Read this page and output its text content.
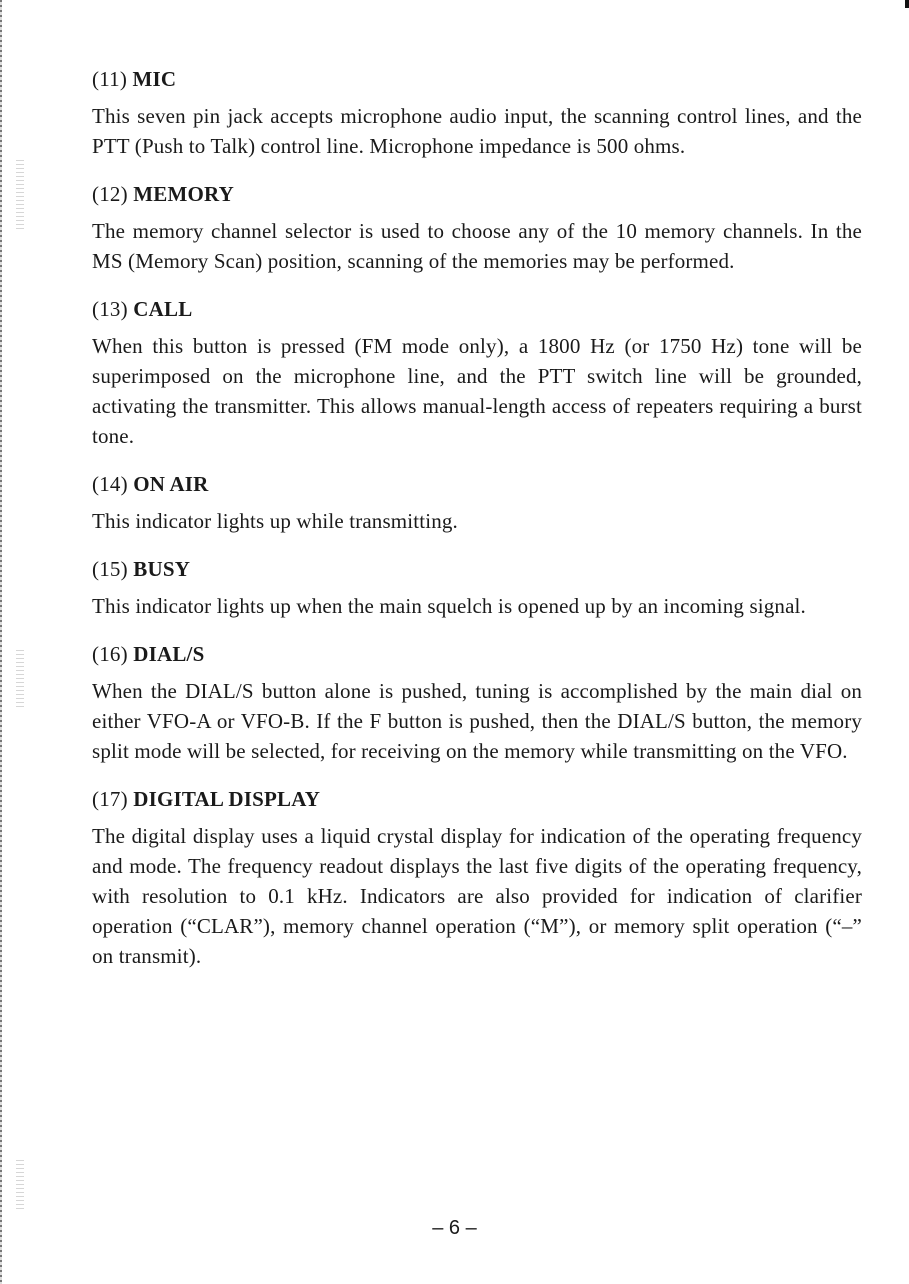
(11) MIC

This seven pin jack accepts microphone audio input, the scanning control lines, and the PTT (Push to Talk) control line. Microphone impedance is 500 ohms.

(12) MEMORY

The memory channel selector is used to choose any of the 10 memory channels. In the MS (Memory Scan) position, scanning of the memories may be performed.

(13) CALL

When this button is pressed (FM mode only), a 1800 Hz (or 1750 Hz) tone will be superimposed on the microphone line, and the PTT switch line will be grounded, activating the transmitter. This allows manual-length access of repeaters requiring a burst tone.

(14) ON AIR

This indicator lights up while transmitting.

(15) BUSY

This indicator lights up when the main squelch is opened up by an incoming signal.

(16) DIAL/S

When the DIAL/S button alone is pushed, tuning is accomplished by the main dial on either VFO-A or VFO-B. If the F button is pushed, then the DIAL/S button, the memory split mode will be selected, for receiving on the memory while transmitting on the VFO.

(17) DIGITAL DISPLAY

The digital display uses a liquid crystal display for indication of the operating frequency and mode. The frequency readout displays the last five digits of the operating frequency, with resolution to 0.1 kHz. Indicators are also provided for indication of clarifier operation (“CLAR”), memory channel operation (“M”), or memory split operation (“–” on transmit).

– 6 –
